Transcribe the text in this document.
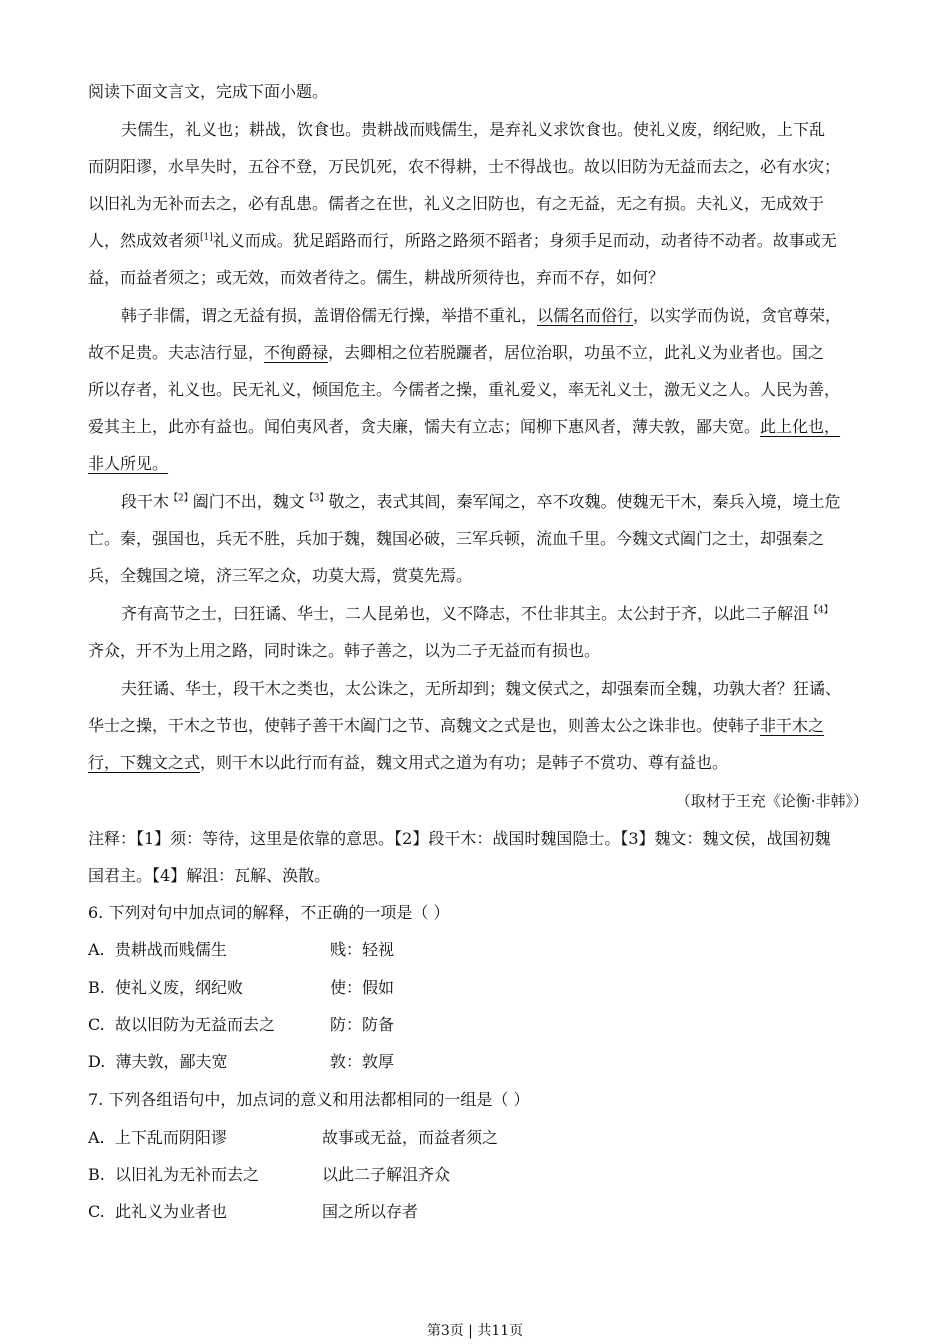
阅读下面文言文，完成下面小题。
夫儒生，礼义也；耕战，饮食也。贵耕战而贱儒生，是弃礼义求饮食也。使礼义废，纲纪败，上下乱
而阴阳谬，水旱失时，五谷不登，万民饥死，农不得耕，士不得战也。故以旧防为无益而去之，必有水灾；
以旧礼为无补而去之，必有乱患。儒者之在世，礼义之旧防也，有之无益，无之有损。夫礼义，无成效于
人，然成效者须[1]礼义而成。犹足蹈路而行，所路之路须不蹈者；身须手足而动，动者待不动者。故事或无
益，而益者须之；或无效，而效者待之。儒生，耕战所须待也，弃而不存，如何？
韩子非儒，谓之无益有损，盖谓俗儒无行操，举措不重礼，以儒名而俗行，以实学而伪说，贪官尊荣，
故不足贵。夫志洁行显，不徇爵禄，去卿相之位若脱躧者，居位治职，功虽不立，此礼义为业者也。国之
所以存者，礼义也。民无礼义，倾国危主。今儒者之操，重礼爱义，率无礼义士，激无义之人。人民为善，
爱其主上，此亦有益也。闻伯夷风者，贪夫廉，懦夫有立志；闻柳下惠风者，薄夫敦，鄙夫宽。此上化也，
非人所见。
段干木$^{【2】}$阖门不出，魏文$^{【3】}$敬之，表式其闾，秦军闻之，卒不攻魏。使魏无干木，秦兵入境，境土危
亡。秦，强国也，兵无不胜，兵加于魏，魏国必破，三军兵顿，流血千里。今魏文式阖门之士，却强秦之
兵，全魏国之境，济三军之众，功莫大焉，赏莫先焉。
齐有高节之士，曰狂谲、华士，二人昆弟也，义不降志，不仕非其主。太公封于齐，以此二子解沮$^{【4】}$
齐众，开不为上用之路，同时诛之。韩子善之，以为二子无益而有损也。
夫狂谲、华士，段干木之类也，太公诛之，无所却到；魏文侯式之，却强秦而全魏，功孰大者？狂谲、
华士之操，干木之节也，使韩子善干木阖门之节、高魏文之式是也，则善太公之诛非也。使韩子非干木之
行，下魏文之式，则干木以此行而有益，魏文用式之道为有功；是韩子不赏功、尊有益也。
（取材于王充《论衡·非韩》）
注释：【1】须：等待，这里是依靠的意思。【2】段干木：战国时魏国隐士。【3】魏文：魏文侯，战国初魏
国君主。【4】解沮：瓦解、涣散。
6. 下列对句中加点词的解释，不正确的一项是（ ）
A. 贵耕战而贱儒生	贱：轻视
B. 使礼义废，纲纪败	使：假如
C. 故以旧防为无益而去之	防：防备
D. 薄夫敦，鄙夫宽	敦：敦厚
7. 下列各组语句中，加点词的意义和用法都相同的一组是（ ）
A. 上下乱而阴阳谬	故事或无益，而益者须之
B. 以旧礼为无补而去之	以此二子解沮齐众
C. 此礼义为业者也	国之所以存者
第3页 | 共11页
